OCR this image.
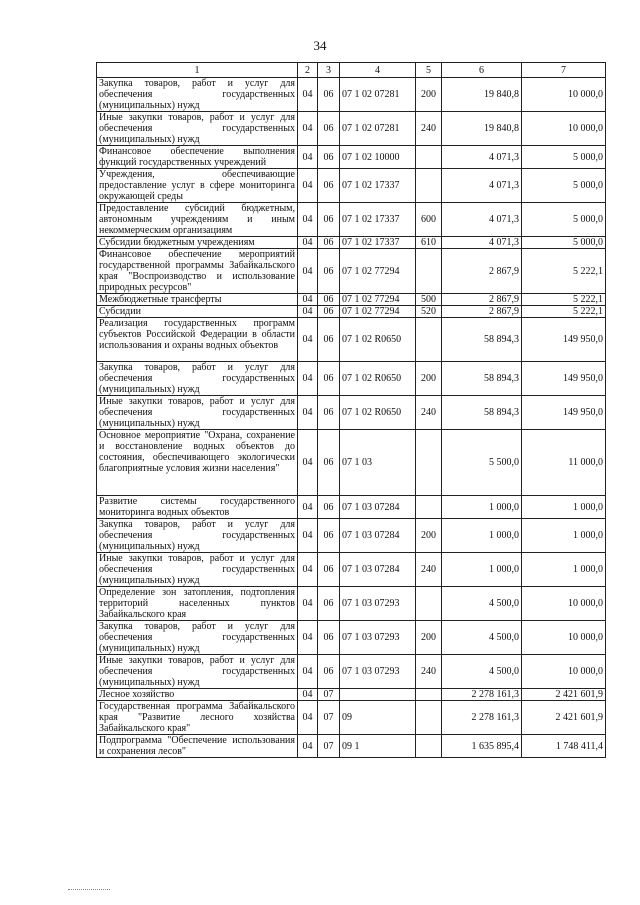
34
1	2	3	4	5	6	7
Закупка товаров, работ и услуг для обеспечения государственных (муниципальных) нужд	04	06	07 1 02 07281	200	19 840,8	10 000,0
Иные закупки товаров, работ и услуг для обеспечения государственных (муниципальных) нужд	04	06	07 1 02 07281	240	19 840,8	10 000,0
Финансовое обеспечение выполнения функций государственных учреждений	04	06	07 1 02 10000		4 071,3	5 000,0
Учреждения, обеспечивающие предоставление услуг в сфере мониторинга окружающей среды	04	06	07 1 02 17337		4 071,3	5 000,0
Предоставление субсидий бюджетным, автономным учреждениям и иным некоммерческим организациям	04	06	07 1 02 17337	600	4 071,3	5 000,0
Субсидии бюджетным учреждениям	04	06	07 1 02 17337	610	4 071,3	5 000,0
Финансовое обеспечение мероприятий государственной программы Забайкальского края "Воспроизводство и использование природных ресурсов"	04	06	07 1 02 77294		2 867,9	5 222,1
Межбюджетные трансферты	04	06	07 1 02 77294	500	2 867,9	5 222,1
Субсидии	04	06	07 1 02 77294	520	2 867,9	5 222,1
Реализация государственных программ субъектов Российской Федерации в области использования и охраны водных объектов	04	06	07 1 02 R0650		58 894,3	149 950,0
Закупка товаров, работ и услуг для обеспечения государственных (муниципальных) нужд	04	06	07 1 02 R0650	200	58 894,3	149 950,0
Иные закупки товаров, работ и услуг для обеспечения государственных (муниципальных) нужд	04	06	07 1 02 R0650	240	58 894,3	149 950,0
Основное мероприятие "Охрана, сохранение и восстановление водных объектов до состояния, обеспечивающего экологически благоприятные условия жизни населения"	04	06	07 1 03		5 500,0	11 000,0
Развитие системы государственного мониторинга водных объектов	04	06	07 1 03 07284		1 000,0	1 000,0
Закупка товаров, работ и услуг для обеспечения государственных (муниципальных) нужд	04	06	07 1 03 07284	200	1 000,0	1 000,0
Иные закупки товаров, работ и услуг для обеспечения государственных (муниципальных) нужд	04	06	07 1 03 07284	240	1 000,0	1 000,0
Определение зон затопления, подтопления территорий населенных пунктов Забайкальского края	04	06	07 1 03 07293		4 500,0	10 000,0
Закупка товаров, работ и услуг для обеспечения государственных (муниципальных) нужд	04	06	07 1 03 07293	200	4 500,0	10 000,0
Иные закупки товаров, работ и услуг для обеспечения государственных (муниципальных) нужд	04	06	07 1 03 07293	240	4 500,0	10 000,0
Лесное хозяйство	04	07			2 278 161,3	2 421 601,9
Государственная программа Забайкальского края "Развитие лесного хозяйства Забайкальского края"	04	07	09		2 278 161,3	2 421 601,9
Подпрограмма "Обеспечение использования и сохранения лесов"	04	07	09 1		1 635 895,4	1 748 411,4
